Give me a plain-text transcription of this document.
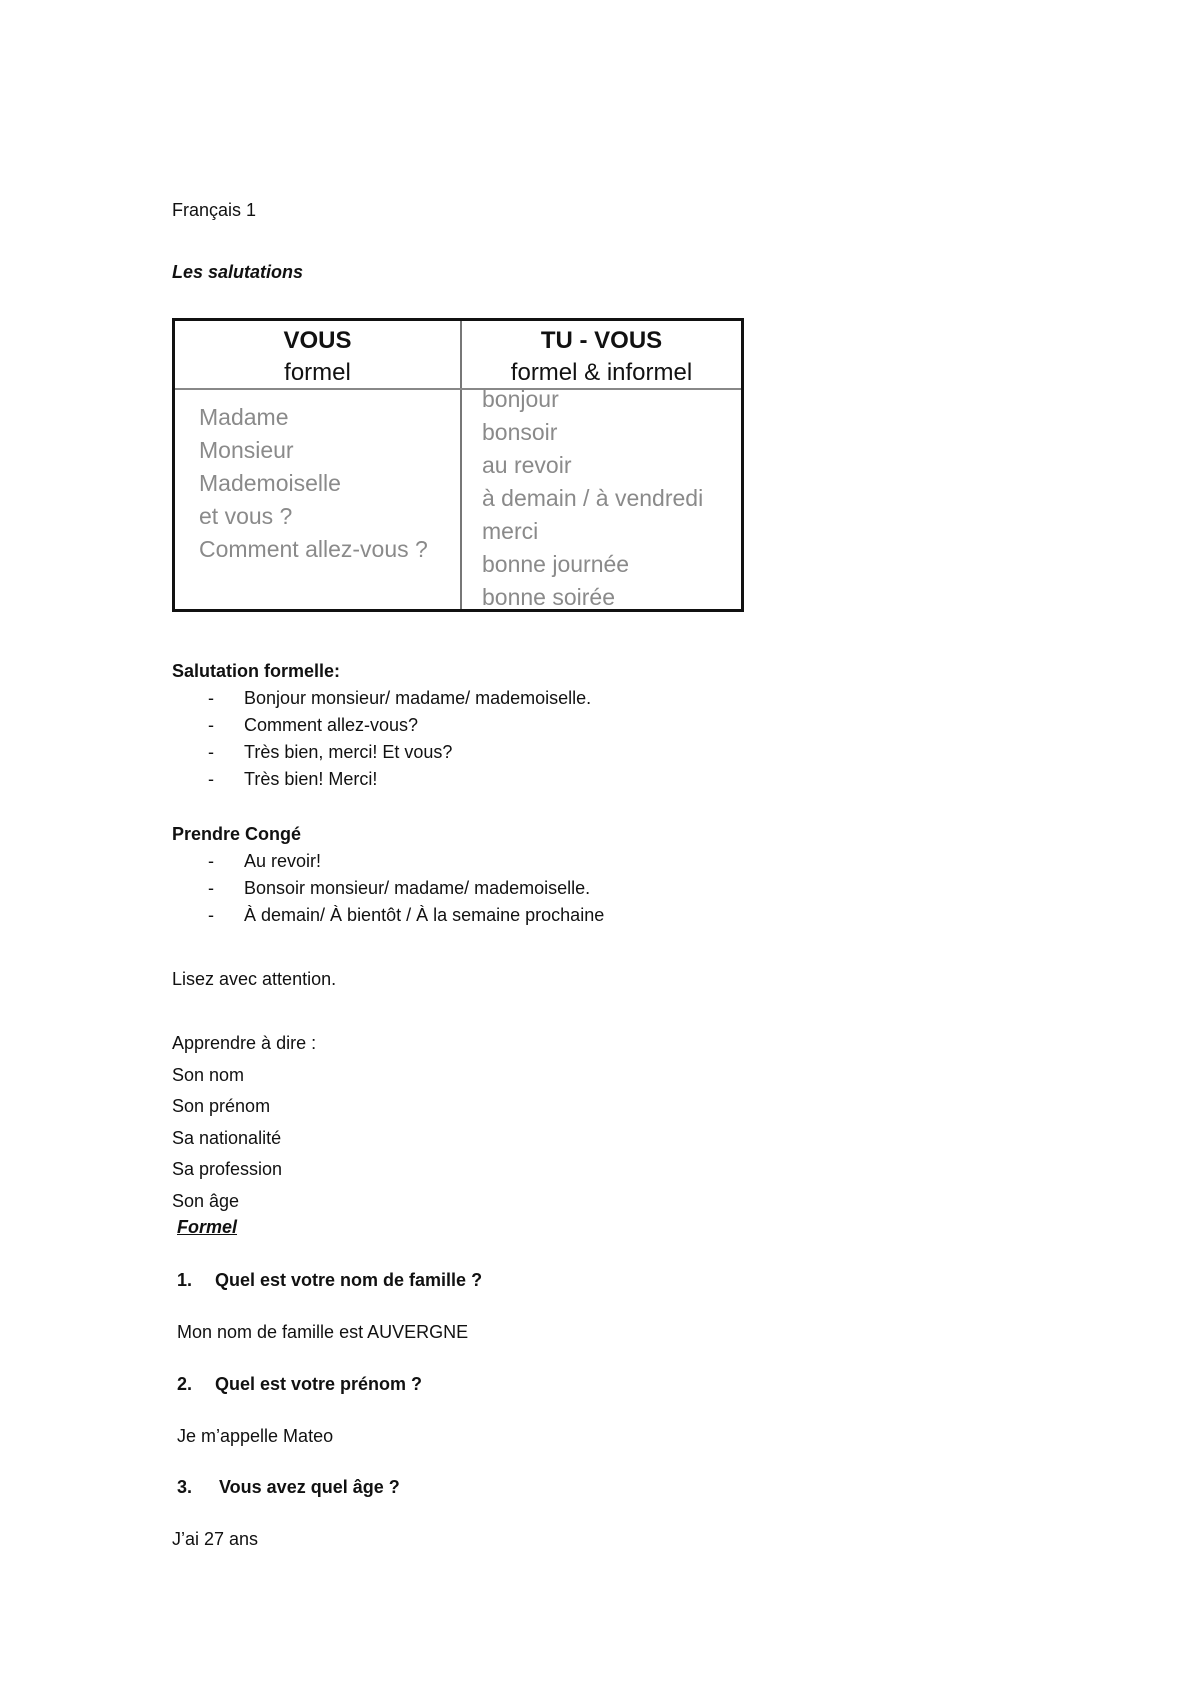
Français 1
Les salutations
VOUS
formel
TU - VOUS
formel & informel
Madame
Monsieur
Mademoiselle
et vous ?
Comment allez-vous ?
bonjour
bonsoir
au revoir
à demain / à vendredi
merci
bonne journée
bonne soirée
Salutation formelle:
- Bonjour monsieur/ madame/ mademoiselle.
- Comment allez-vous?
- Très bien, merci! Et vous?
- Très bien! Merci!
Prendre Congé
- Au revoir!
- Bonsoir monsieur/ madame/ mademoiselle.
- À demain/ À bientôt / À la semaine prochaine
Lisez avec attention.
Apprendre à dire :
Son nom
Son prénom
Sa nationalité
Sa profession
Son âge
Formel
1. Quel est votre nom de famille ?
Mon nom de famille est AUVERGNE
2. Quel est votre prénom ?
Je m’appelle Mateo
3. Vous avez quel âge ?
J’ai 27 ans
